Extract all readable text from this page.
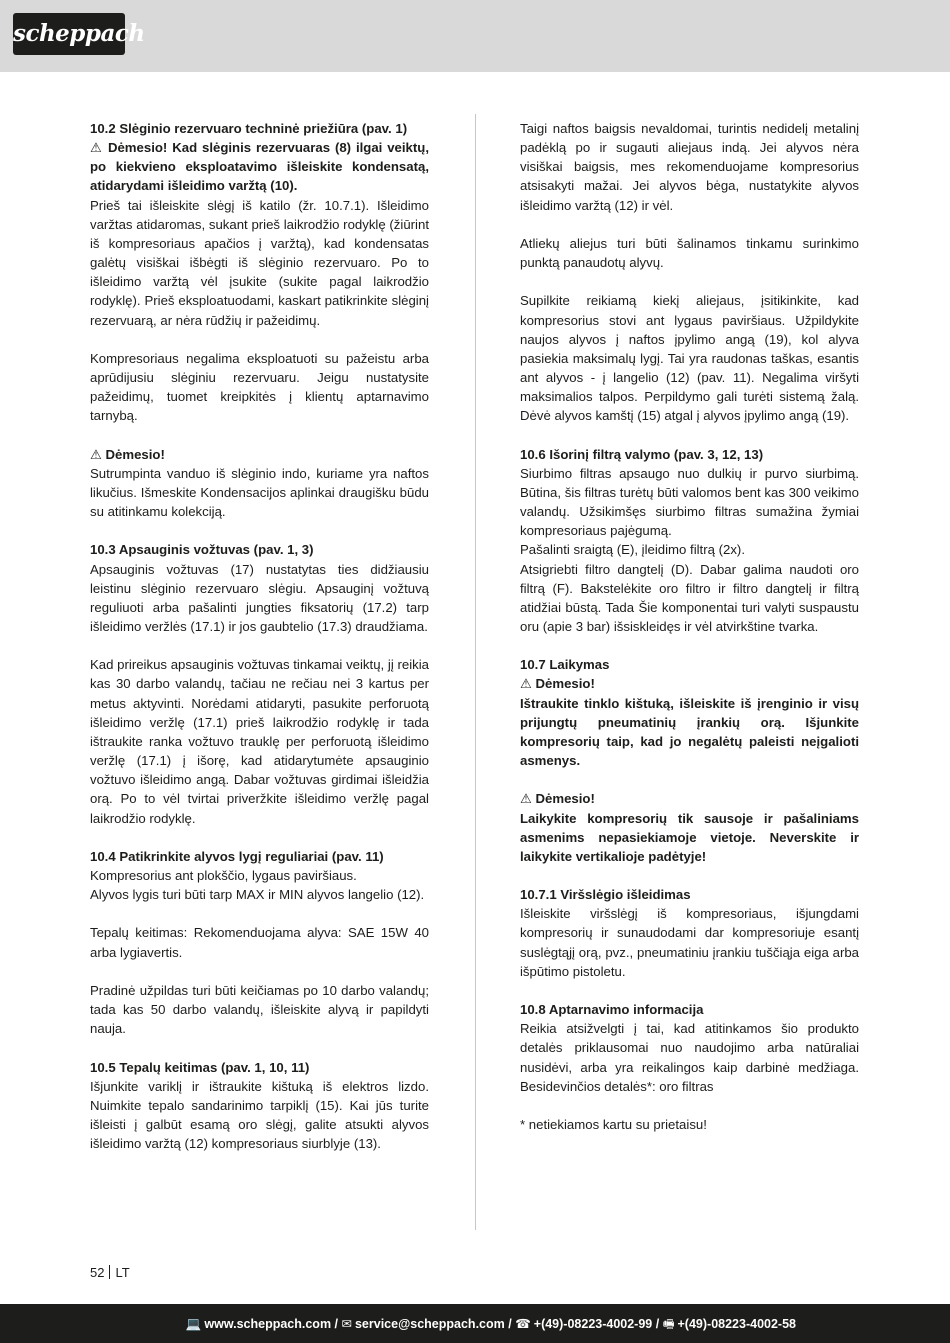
scheppach

10.2 Slėginio rezervuaro techninė priežiūra (pav. 1)
⚠ Dėmesio! Kad slėginis rezervuaras (8) ilgai veiktų, po kiekvieno eksploatavimo išleiskite kondensatą, atidarydami išleidimo varžtą (10).

Prieš tai išleiskite slėgį iš katilo (žr. 10.7.1). Išleidimo varžtas atidaromas, sukant prieš laikrodžio rodyklę (žiūrint iš kompresoriaus apačios į varžtą), kad kondensatas galėtų visiškai išbėgti iš slėginio rezervuaro. Po to išleidimo varžtą vėl įsukite (sukite pagal laikrodžio rodyklę). Prieš eksploatuodami, kaskart patikrinkite slėginį rezervuarą, ar nėra rūdžių ir pažeidimų.

Kompresoriaus negalima eksploatuoti su pažeistu arba aprūdijusiu slėginiu rezervuaru. Jeigu nustatysite pažeidimų, tuomet kreipkitės į klientų aptarnavimo tarnybą.

⚠ Dėmesio!
Sutrumpinta vanduo iš slėginio indo, kuriame yra naftos likučius. Išmeskite Kondensacijos aplinkai draugišku būdu su atitinkamu kolekciją.

10.3 Apsauginis vožtuvas (pav. 1, 3)

Apsauginis vožtuvas (17) nustatytas ties didžiausiu leistinu slėginio rezervuaro slėgiu. Apsauginį vožtuvą reguliuoti arba pašalinti jungties fiksatorių (17.2) tarp išleidimo veržlės (17.1) ir jos gaubtelio (17.3) draudžiama.

Kad prireikus apsauginis vožtuvas tinkamai veiktų, jį reikia kas 30 darbo valandų, tačiau ne rečiau nei 3 kartus per metus aktyvinti. Norėdami atidaryti, pasukite perforuotą išleidimo veržlę (17.1) prieš laikrodžio rodyklę ir tada ištraukite ranka vožtuvo trauklę per perforuotą išleidimo veržlę (17.1) į išorę, kad atidarytumėte apsauginio vožtuvo išleidimo angą. Dabar vožtuvas girdimai išleidžia orą. Po to vėl tvirtai priveržkite išleidimo veržlę pagal laikrodžio rodyklę.

10.4 Patikrinkite alyvos lygį reguliariai (pav. 11)
Kompresorius ant plokščio, lygaus paviršiaus.
Alyvos lygis turi būti tarp MAX ir MIN alyvos langelio (12).

Tepalų keitimas: Rekomenduojama alyva: SAE 15W 40 arba lygiavertis.

Pradinė užpildas turi būti keičiamas po 10 darbo valandų; tada kas 50 darbo valandų, išleiskite alyvą ir papildyti nauja.

10.5 Tepalų keitimas (pav. 1, 10, 11)
Išjunkite variklį ir ištraukite kištuką iš elektros lizdo. Nuimkite tepalo sandarinimo tarpiklį (15). Kai jūs turite išleisti į galbūt esamą oro slėgį, galite atsukti alyvos išleidimo varžtą (12) kompresoriaus siurblyje (13).

Taigi naftos baigsis nevaldomai, turintis nedidelį metalinį padėklą po ir sugauti aliejaus indą. Jei alyvos nėra visiškai baigsis, mes rekomenduojame kompresorius atsisakyti mažai. Jei alyvos bėga, nustatykite alyvos išleidimo varžtą (12) ir vėl.

Atliekų aliejus turi būti šalinamos tinkamu surinkimo punktą panaudotų alyvų.

Supilkite reikiamą kiekį aliejaus, įsitikinkite, kad kompresorius stovi ant lygaus paviršiaus. Užpildykite naujos alyvos į naftos įpylimo angą (19), kol alyva pasiekia maksimalų lygį. Tai yra raudonas taškas, esantis ant alyvos - į langelio (12) (pav. 11). Negalima viršyti maksimalios talpos. Perpildymo gali turėti sistemą žalą. Dėvė alyvos kamštį (15) atgal į alyvos įpylimo angą (19).

10.6 Išorinį filtrą valymo (pav. 3, 12, 13)
Siurbimo filtras apsaugo nuo dulkių ir purvo siurbimą. Būtina, šis filtras turėtų būti valomos bent kas 300 veikimo valandų. Užsikimšęs siurbimo filtras sumažina žymiai kompresoriaus pajėgumą.
Pašalinti sraigtą (E), įleidimo filtrą (2x).
Atsigriebti filtro dangtelį (D). Dabar galima naudoti oro filtrą (F). Bakstelėkite oro filtro ir filtro dangtelį ir filtrą atidžiai būstą. Tada Šie komponentai turi valyti suspaustu oru (apie 3 bar) išsisklеidęs ir vėl atvirkštine tvarka.

10.7 Laikymas
⚠ Dėmesio!
Ištraukite tinklo kištuką, išleiskite iš įrenginio ir visų prijungtų pneumatinių įrankių orą. Išjunkite kompresorių taip, kad jo negalėtų paleisti neįgalioti asmenys.

⚠ Dėmesio!
Laikykite kompresorių tik sausoje ir pašaliniams asmenims nepasiekiamoje vietoje. Neverskite ir laikykite vertikalioje padėtyje!

10.7.1 Viršslėgio išleidimas
Išleiskite viršslėgį iš kompresoriaus, išjungdami kompresorių ir sunaudodami dar kompresoriuje esantį suslėgtąjį orą, pvz., pneumatiniu įrankiu tuščiąja eiga arba išpūtimo pistoletu.

10.8 Aptarnavimo informacija
Reikia atsižvelgti į tai, kad atitinkamos šio produkto detalės priklausomai nuo naudojimo arba natūraliai nusidėvi, arba yra reikalingos kaip darbinė medžiaga. Besidevinčios detalės*: oro filtras

* netiekiamos kartu su prietaisu!

52 LT
💻 www.scheppach.com / ✉ service@scheppach.com / ☎ +(49)-08223-4002-99 / 🖷 +(49)-08223-4002-58
